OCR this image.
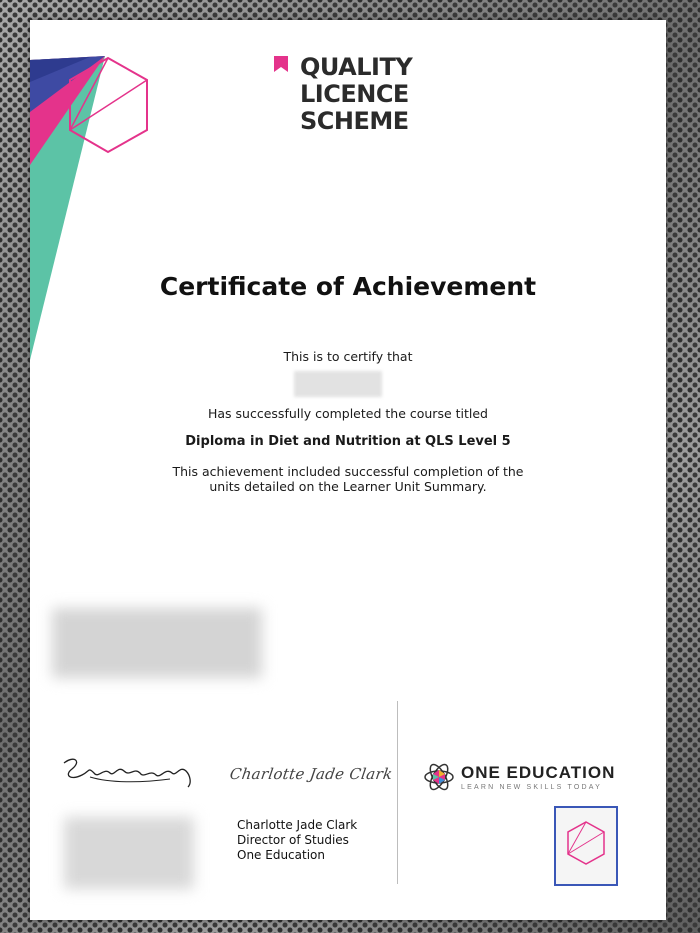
QUALITY
LICENCE
SCHEME
Certificate of Achievement
This is to certify that
Has successfully completed the course titled
Diploma in Diet and Nutrition at QLS Level 5
This achievement included successful completion of the
units detailed on the Learner Unit Summary.
Charlotte Jade Clark
Charlotte Jade Clark
Director of Studies
One Education
ONE EDUCATION
LEARN NEW SKILLS TODAY
